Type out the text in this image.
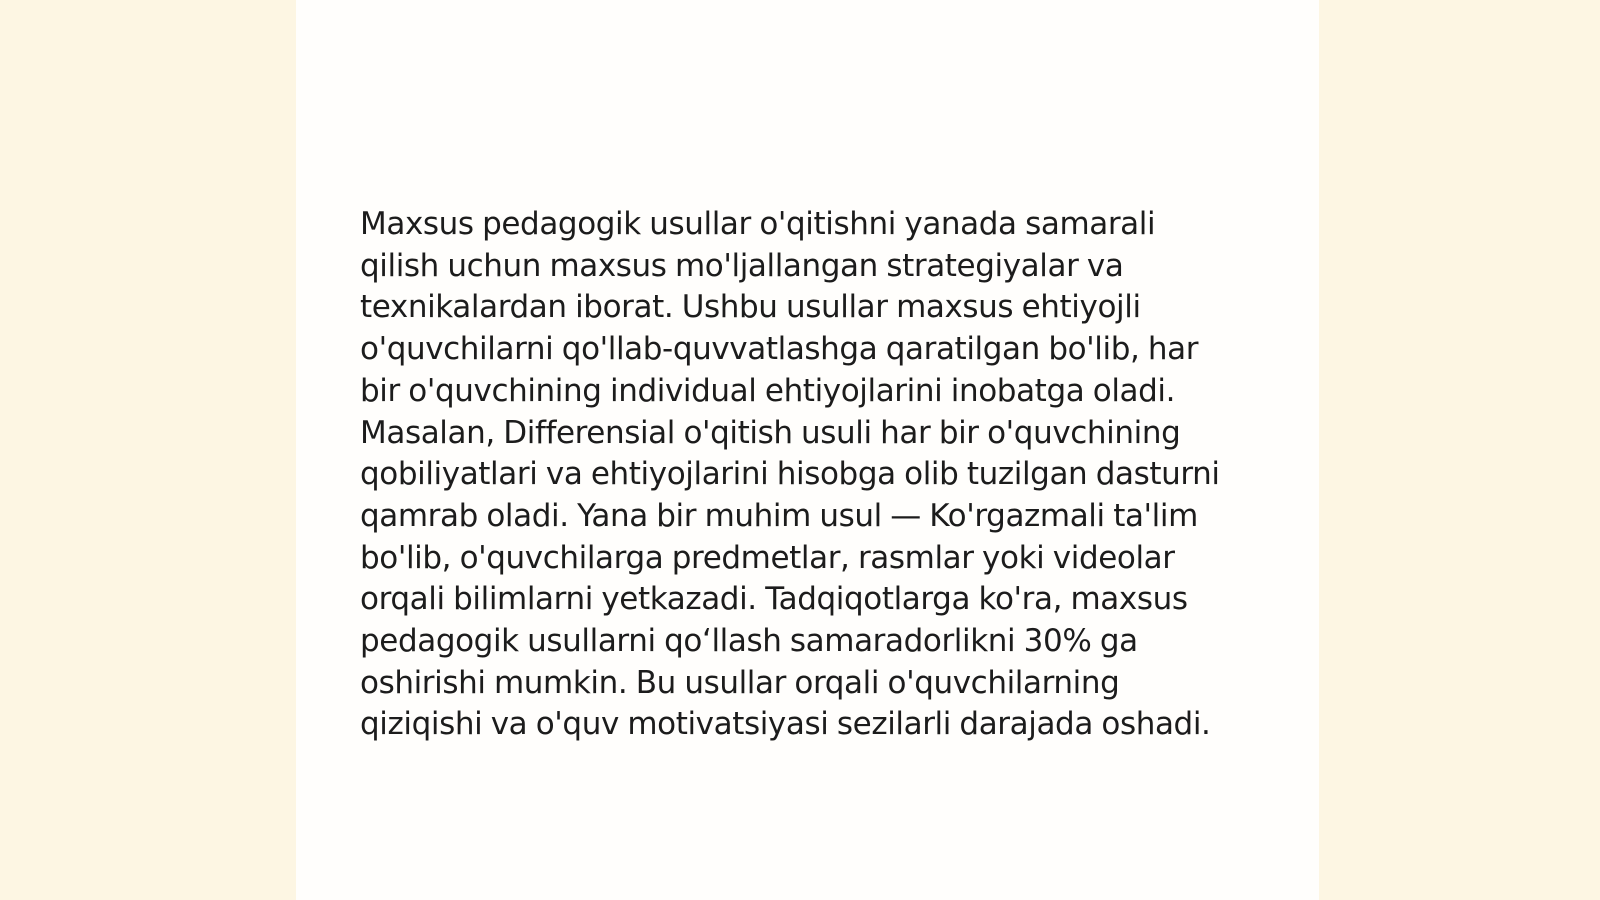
Maxsus pedagogik usullar o'qitishni yanada samarali qilish uchun maxsus mo'ljallangan strategiyalar va texnikalardan iborat. Ushbu usullar maxsus ehtiyojli o'quvchilarni qo'llab-quvvatlashga qaratilgan bo'lib, har bir o'quvchining individual ehtiyojlarini inobatga oladi. Masalan, Differensial o'qitish usuli har bir o'quvchining qobiliyatlari va ehtiyojlarini hisobga olib tuzilgan dasturni qamrab oladi. Yana bir muhim usul — Ko'rgazmali ta'lim bo'lib, o'quvchilarga predmetlar, rasmlar yoki videolar orqali bilimlarni yetkazadi. Tadqiqotlarga ko'ra, maxsus pedagogik usullarni qo‘llash samaradorlikni 30% ga oshirishi mumkin. Bu usullar orqali o'quvchilarning qiziqishi va o'quv motivatsiyasi sezilarli darajada oshadi.
